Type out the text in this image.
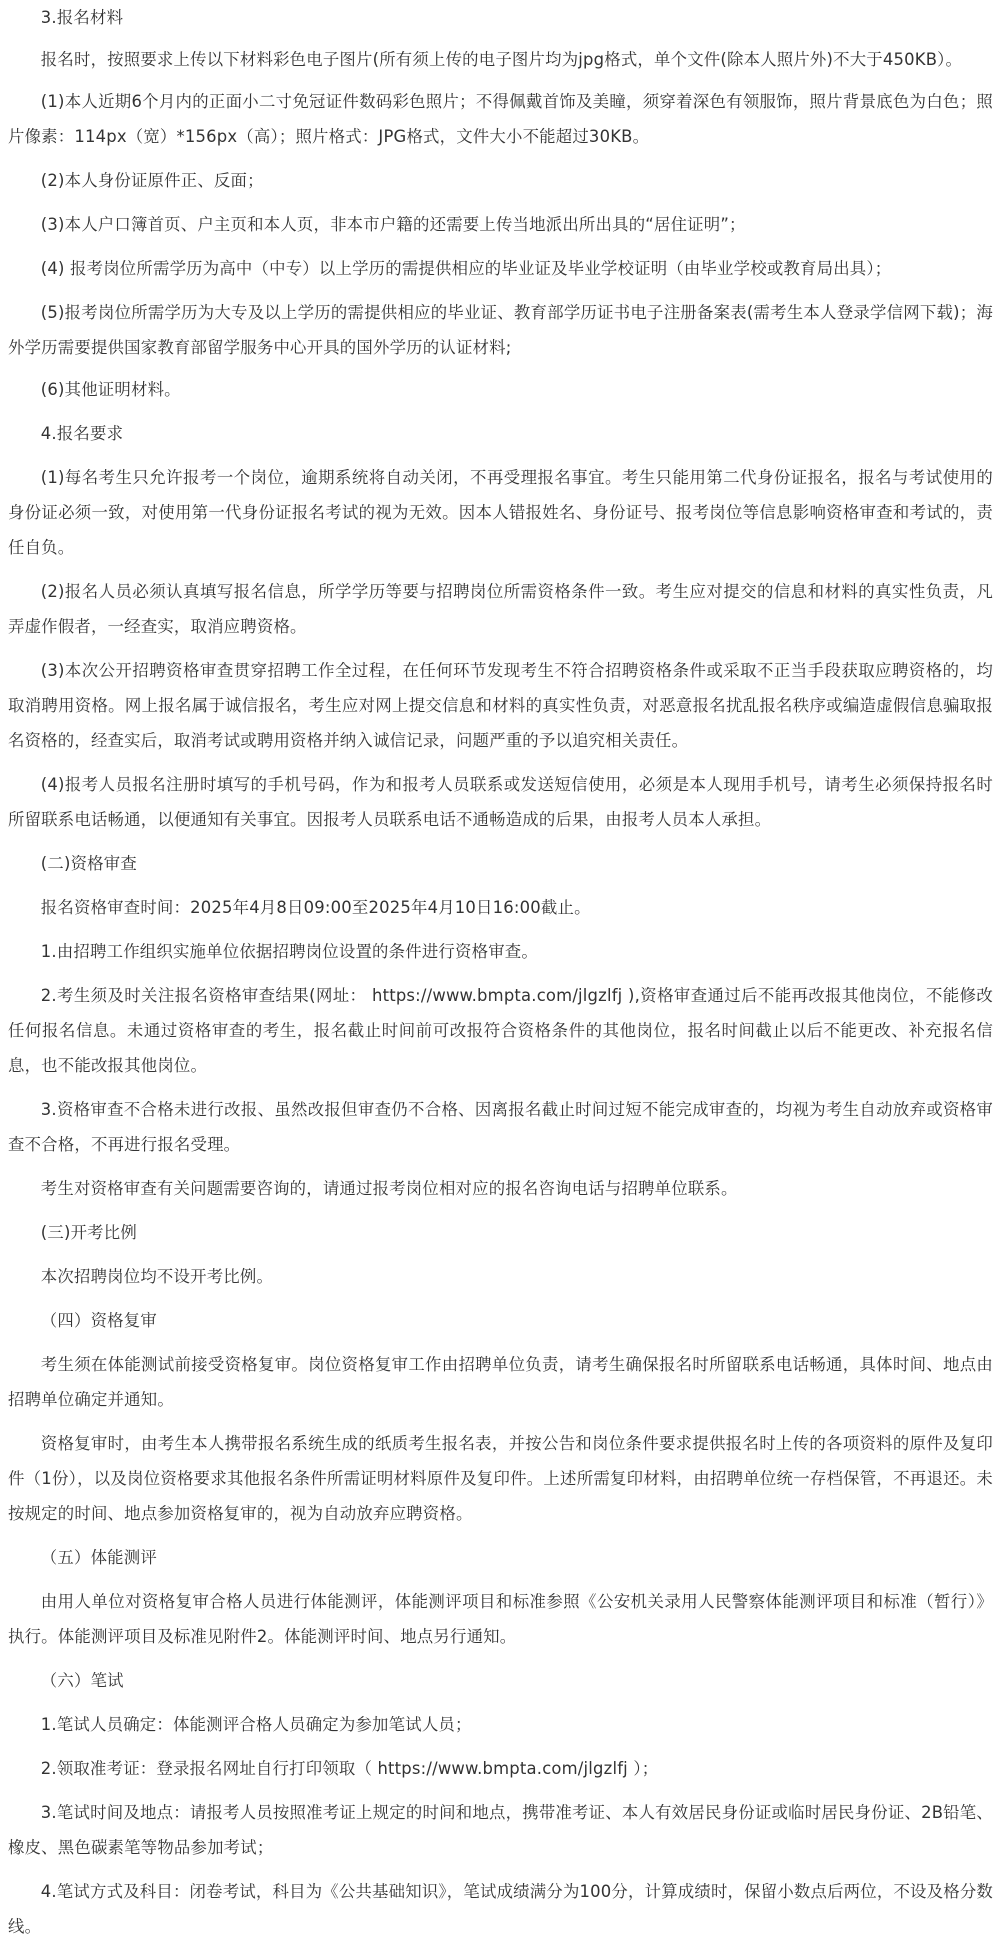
3.报名材料

报名时，按照要求上传以下材料彩色电子图片(所有须上传的电子图片均为jpg格式，单个文件(除本人照片外)不大于450KB）。

(1)本人近期6个月内的正面小二寸免冠证件数码彩色照片；不得佩戴首饰及美瞳，须穿着深色有领服饰，照片背景底色为白色；照片像素：114px（宽）*156px（高）；照片格式：JPG格式，文件大小不能超过30KB。

(2)本人身份证原件正、反面；

(3)本人户口簿首页、户主页和本人页，非本市户籍的还需要上传当地派出所出具的“居住证明”；

(4) 报考岗位所需学历为高中（中专）以上学历的需提供相应的毕业证及毕业学校证明（由毕业学校或教育局出具）；

(5)报考岗位所需学历为大专及以上学历的需提供相应的毕业证、教育部学历证书电子注册备案表(需考生本人登录学信网下载)；海外学历需要提供国家教育部留学服务中心开具的国外学历的认证材料;

(6)其他证明材料。

4.报名要求

(1)每名考生只允许报考一个岗位，逾期系统将自动关闭，不再受理报名事宜。考生只能用第二代身份证报名，报名与考试使用的身份证必须一致，对使用第一代身份证报名考试的视为无效。因本人错报姓名、身份证号、报考岗位等信息影响资格审查和考试的，责任自负。

(2)报名人员必须认真填写报名信息，所学学历等要与招聘岗位所需资格条件一致。考生应对提交的信息和材料的真实性负责，凡弄虚作假者，一经查实，取消应聘资格。

(3)本次公开招聘资格审查贯穿招聘工作全过程，在任何环节发现考生不符合招聘资格条件或采取不正当手段获取应聘资格的，均取消聘用资格。网上报名属于诚信报名，考生应对网上提交信息和材料的真实性负责，对恶意报名扰乱报名秩序或编造虚假信息骗取报名资格的，经查实后，取消考试或聘用资格并纳入诚信记录，问题严重的予以追究相关责任。

(4)报考人员报名注册时填写的手机号码，作为和报考人员联系或发送短信使用，必须是本人现用手机号，请考生必须保持报名时所留联系电话畅通，以便通知有关事宜。因报考人员联系电话不通畅造成的后果，由报考人员本人承担。

(二)资格审查

报名资格审查时间：2025年4月8日09:00至2025年4月10日16:00截止。

1.由招聘工作组织实施单位依据招聘岗位设置的条件进行资格审查。

2.考生须及时关注报名资格审查结果(网址： https://www.bmpta.com/jlgzlfj ),资格审查通过后不能再改报其他岗位，不能修改任何报名信息。未通过资格审查的考生，报名截止时间前可改报符合资格条件的其他岗位，报名时间截止以后不能更改、补充报名信息，也不能改报其他岗位。

3.资格审查不合格未进行改报、虽然改报但审查仍不合格、因离报名截止时间过短不能完成审查的，均视为考生自动放弃或资格审查不合格，不再进行报名受理。

考生对资格审查有关问题需要咨询的，请通过报考岗位相对应的报名咨询电话与招聘单位联系。

(三)开考比例

本次招聘岗位均不设开考比例。

（四）资格复审

考生须在体能测试前接受资格复审。岗位资格复审工作由招聘单位负责，请考生确保报名时所留联系电话畅通，具体时间、地点由招聘单位确定并通知。

资格复审时，由考生本人携带报名系统生成的纸质考生报名表，并按公告和岗位条件要求提供报名时上传的各项资料的原件及复印件（1份），以及岗位资格要求其他报名条件所需证明材料原件及复印件。上述所需复印材料，由招聘单位统一存档保管，不再退还。未按规定的时间、地点参加资格复审的，视为自动放弃应聘资格。

（五）体能测评

由用人单位对资格复审合格人员进行体能测评，体能测评项目和标准参照《公安机关录用人民警察体能测评项目和标准（暂行）》执行。体能测评项目及标准见附件2。体能测评时间、地点另行通知。

（六）笔试

1.笔试人员确定：体能测评合格人员确定为参加笔试人员；

2.领取准考证：登录报名网址自行打印领取（ https://www.bmpta.com/jlgzlfj ）；

3.笔试时间及地点：请报考人员按照准考证上规定的时间和地点，携带准考证、本人有效居民身份证或临时居民身份证、2B铅笔、橡皮、黑色碳素笔等物品参加考试；

4.笔试方式及科目：闭卷考试，科目为《公共基础知识》，笔试成绩满分为100分，计算成绩时，保留小数点后两位，不设及格分数线。
